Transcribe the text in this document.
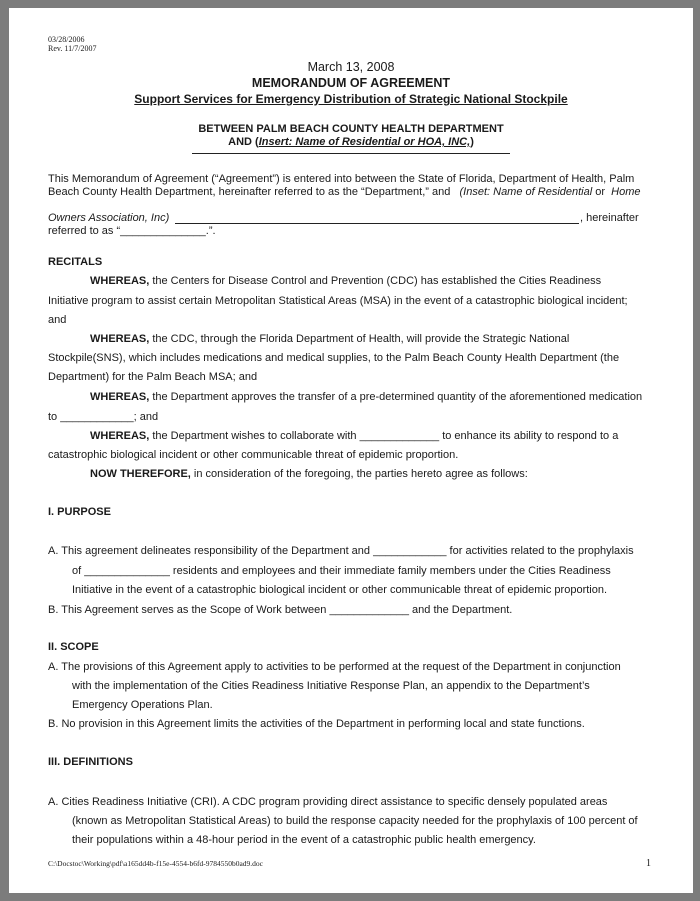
03/28/2006
Rev. 11/7/2007
March 13, 2008
MEMORANDUM OF AGREEMENT
Support Services for Emergency Distribution of Strategic National Stockpile
BETWEEN PALM BEACH COUNTY HEALTH DEPARTMENT
AND (Insert: Name of Residential or HOA, INC,)
This Memorandum of Agreement (“Agreement”) is entered into between the State of Florida, Department of Health, Palm
Beach County Health Department, hereinafter referred to as the “Department,” and (Inset: Name of Residential or  Home
Owners Association, Inc)	, hereinafter
referred to as “______________.”.
RECITALS
WHEREAS, the Centers for Disease Control and Prevention (CDC) has established the Cities Readiness
Initiative program to assist certain Metropolitan Statistical Areas (MSA) in the event of a catastrophic biological incident;
and
WHEREAS, the CDC, through the Florida Department of Health, will provide the Strategic National
Stockpile(SNS), which includes medications and medical supplies, to the Palm Beach County Health Department (the
Department) for the Palm Beach MSA; and
WHEREAS, the Department approves the transfer of a pre-determined quantity of the aforementioned medication
to ____________; and
WHEREAS, the Department wishes to collaborate with _____________ to enhance its ability to respond to a
catastrophic biological incident or other communicable threat of epidemic proportion.
NOW THEREFORE, in consideration of the foregoing, the parties hereto agree as follows:
I. PURPOSE
A. This agreement delineates responsibility of the Department and ____________ for activities related to the prophylaxis
of ______________ residents and employees and their immediate family members under the Cities Readiness
Initiative in the event of a catastrophic biological incident or other communicable threat of epidemic proportion.
B. This Agreement serves as the Scope of Work between _____________ and the Department.
II. SCOPE
A. The provisions of this Agreement apply to activities to be performed at the request of the Department in conjunction
with the implementation of the Cities Readiness Initiative Response Plan, an appendix to the Department’s
Emergency Operations Plan.
B. No provision in this Agreement limits the activities of the Department in performing local and state functions.
III. DEFINITIONS
A. Cities Readiness Initiative (CRI). A CDC program providing direct assistance to specific densely populated areas
(known as Metropolitan Statistical Areas) to build the response capacity needed for the prophylaxis of 100 percent of
their populations within a 48-hour period in the event of a catastrophic public health emergency.
C:\Docstoc\Working\pdf\a165dd4b-f15e-4554-b6fd-9784550b0ad9.doc	1
